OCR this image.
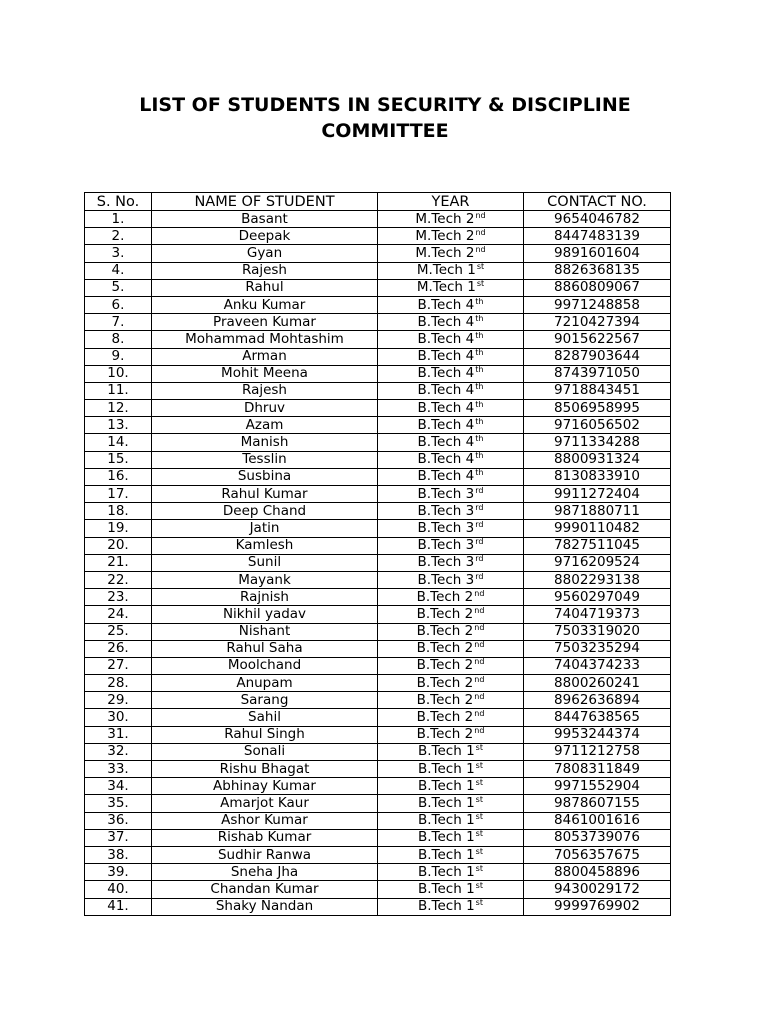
LIST OF STUDENTS IN SECURITY & DISCIPLINE
COMMITTEE
S. No.	NAME OF STUDENT	YEAR	CONTACT NO.
1.	Basant	M.Tech 2nd	9654046782
2.	Deepak	M.Tech 2nd	8447483139
3.	Gyan	M.Tech 2nd	9891601604
4.	Rajesh	M.Tech 1st	8826368135
5.	Rahul	M.Tech 1st	8860809067
6.	Anku Kumar	B.Tech 4th	9971248858
7.	Praveen Kumar	B.Tech 4th	7210427394
8.	Mohammad Mohtashim	B.Tech 4th	9015622567
9.	Arman	B.Tech 4th	8287903644
10.	Mohit Meena	B.Tech 4th	8743971050
11.	Rajesh	B.Tech 4th	9718843451
12.	Dhruv	B.Tech 4th	8506958995
13.	Azam	B.Tech 4th	9716056502
14.	Manish	B.Tech 4th	9711334288
15.	Tesslin	B.Tech 4th	8800931324
16.	Susbina	B.Tech 4th	8130833910
17.	Rahul Kumar	B.Tech 3rd	9911272404
18.	Deep Chand	B.Tech 3rd	9871880711
19.	Jatin	B.Tech 3rd	9990110482
20.	Kamlesh	B.Tech 3rd	7827511045
21.	Sunil	B.Tech 3rd	9716209524
22.	Mayank	B.Tech 3rd	8802293138
23.	Rajnish	B.Tech 2nd	9560297049
24.	Nikhil yadav	B.Tech 2nd	7404719373
25.	Nishant	B.Tech 2nd	7503319020
26.	Rahul Saha	B.Tech 2nd	7503235294
27.	Moolchand	B.Tech 2nd	7404374233
28.	Anupam	B.Tech 2nd	8800260241
29.	Sarang	B.Tech 2nd	8962636894
30.	Sahil	B.Tech 2nd	8447638565
31.	Rahul Singh	B.Tech 2nd	9953244374
32.	Sonali	B.Tech 1st	9711212758
33.	Rishu Bhagat	B.Tech 1st	7808311849
34.	Abhinay Kumar	B.Tech 1st	9971552904
35.	Amarjot Kaur	B.Tech 1st	9878607155
36.	Ashor Kumar	B.Tech 1st	8461001616
37.	Rishab Kumar	B.Tech 1st	8053739076
38.	Sudhir Ranwa	B.Tech 1st	7056357675
39.	Sneha Jha	B.Tech 1st	8800458896
40.	Chandan Kumar	B.Tech 1st	9430029172
41.	Shaky Nandan	B.Tech 1st	9999769902
